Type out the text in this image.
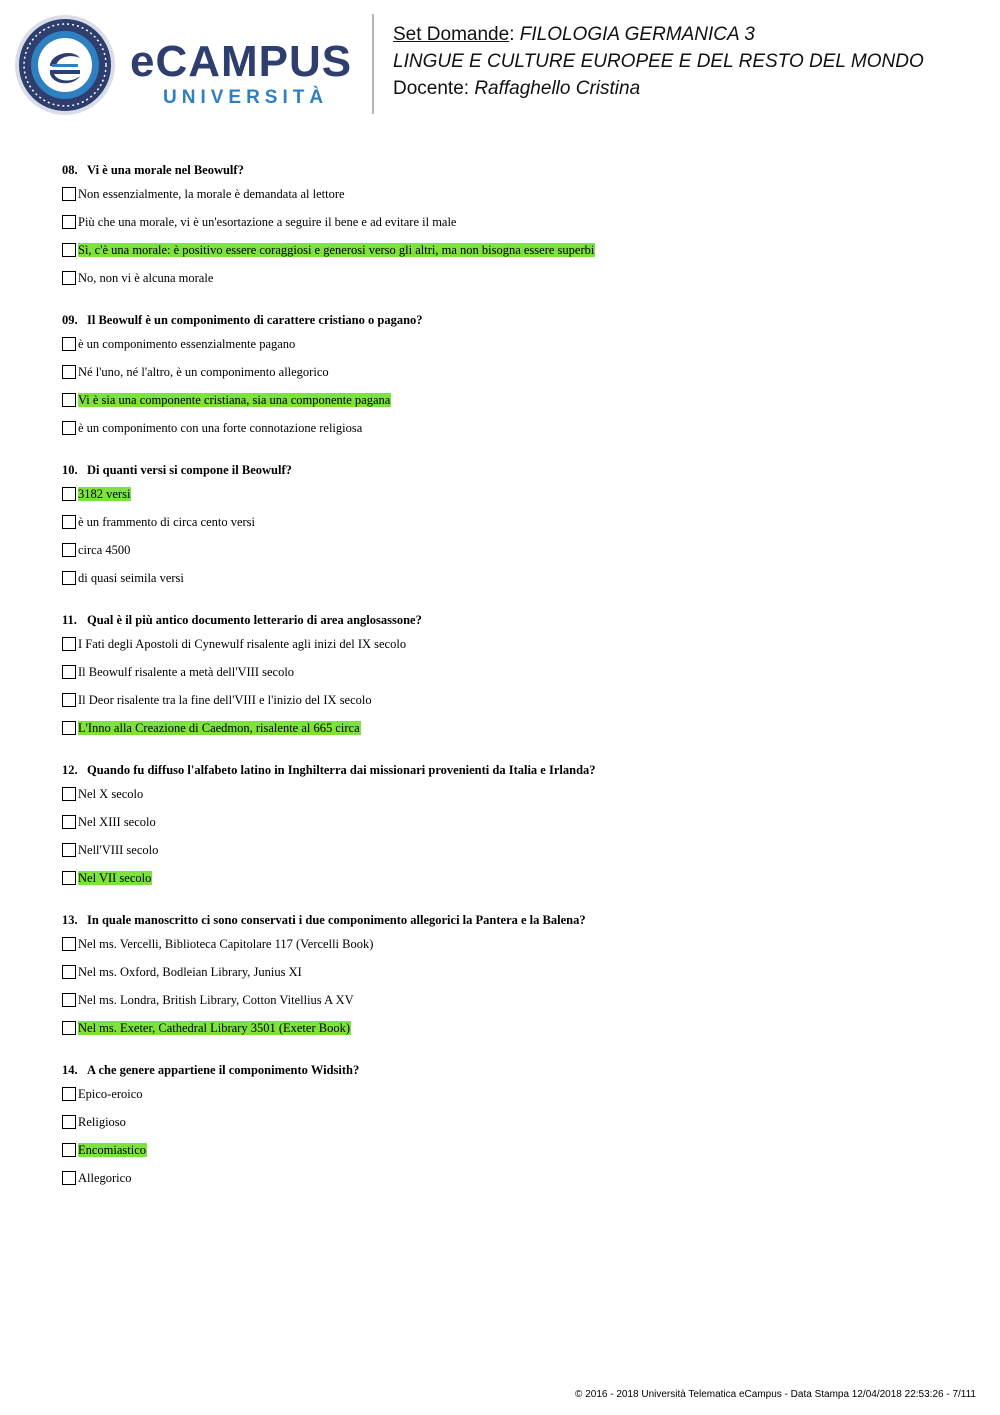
eCAMPUS
UNIVERSITÀ
Set Domande: FILOLOGIA GERMANICA 3
LINGUE E CULTURE EUROPEE E DEL RESTO DEL MONDO
Docente: Raffaghello Cristina
08. Vi è una morale nel Beowulf?
Non essenzialmente, la morale è demandata al lettore
Più che una morale, vi è un'esortazione a seguire il bene e ad evitare il male
Sì, c'è una morale: è positivo essere coraggiosi e generosi verso gli altri, ma non bisogna essere superbi
No, non vi è alcuna morale
09. Il Beowulf è un componimento di carattere cristiano o pagano?
è un componimento essenzialmente pagano
Né l'uno, né l'altro, è un componimento allegorico
Vi è sia una componente cristiana, sia una componente pagana
è un componimento con una forte connotazione religiosa
10. Di quanti versi si compone il Beowulf?
3182 versi
è un frammento di circa cento versi
circa 4500
di quasi seimila versi
11. Qual è il più antico documento letterario di area anglosassone?
I Fati degli Apostoli di Cynewulf risalente agli inizi del IX secolo
Il Beowulf risalente a metà dell'VIII secolo
Il Deor risalente tra la fine dell'VIII e l'inizio del IX secolo
L'Inno alla Creazione di Caedmon, risalente al 665 circa
12. Quando fu diffuso l'alfabeto latino in Inghilterra dai missionari provenienti da Italia e Irlanda?
Nel X secolo
Nel XIII secolo
Nell'VIII secolo
Nel VII secolo
13. In quale manoscritto ci sono conservati i due componimento allegorici la Pantera e la Balena?
Nel ms. Vercelli, Biblioteca Capitolare 117 (Vercelli Book)
Nel ms. Oxford, Bodleian Library, Junius XI
Nel ms. Londra, British Library, Cotton Vitellius A XV
Nel ms. Exeter, Cathedral Library 3501 (Exeter Book)
14. A che genere appartiene il componimento Widsith?
Epico-eroico
Religioso
Encomiastico
Allegorico
© 2016 - 2018 Università Telematica eCampus - Data Stampa 12/04/2018 22:53:26 - 7/111
